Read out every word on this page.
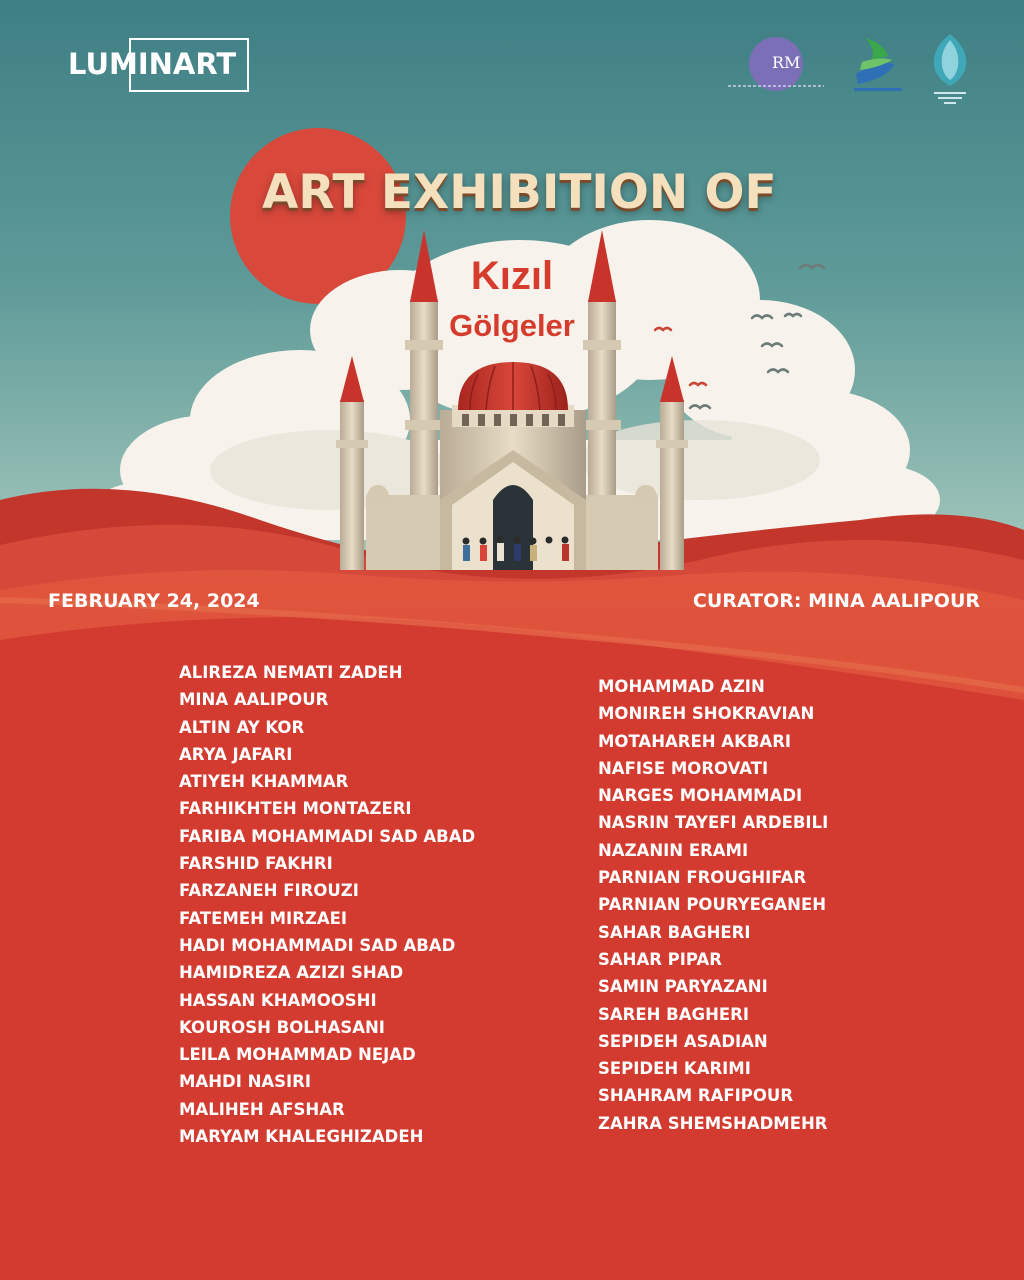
LUMINART	RM
ART EXHIBITION OF
Kızıl
Gölgeler
FEBRUARY 24, 2024	CURATOR: MINA AALIPOUR
ALIREZA NEMATI ZADEH
MINA AALIPOUR
ALTIN AY KOR
ARYA JAFARI
ATIYEH KHAMMAR
FARHIKHTEH MONTAZERI
FARIBA MOHAMMADI SAD ABAD
FARSHID FAKHRI
FARZANEH FIROUZI
FATEMEH MIRZAEI
HADI MOHAMMADI SAD ABAD
HAMIDREZA AZIZI SHAD
HASSAN KHAMOOSHI
KOUROSH BOLHASANI
LEILA MOHAMMAD NEJAD
MAHDI NASIRI
MALIHEH AFSHAR
MARYAM KHALEGHIZADEH
MOHAMMAD AZIN
MONIREH SHOKRAVIAN
MOTAHAREH AKBARI
NAFISE MOROVATI
NARGES MOHAMMADI
NASRIN TAYEFI ARDEBILI
NAZANIN ERAMI
PARNIAN FROUGHIFAR
PARNIAN POURYEGANEH
SAHAR BAGHERI
SAHAR PIPAR
SAMIN PARYAZANI
SAREH BAGHERI
SEPIDEH ASADIAN
SEPIDEH KARIMI
SHAHRAM RAFIPOUR
ZAHRA SHEMSHADMEHR
